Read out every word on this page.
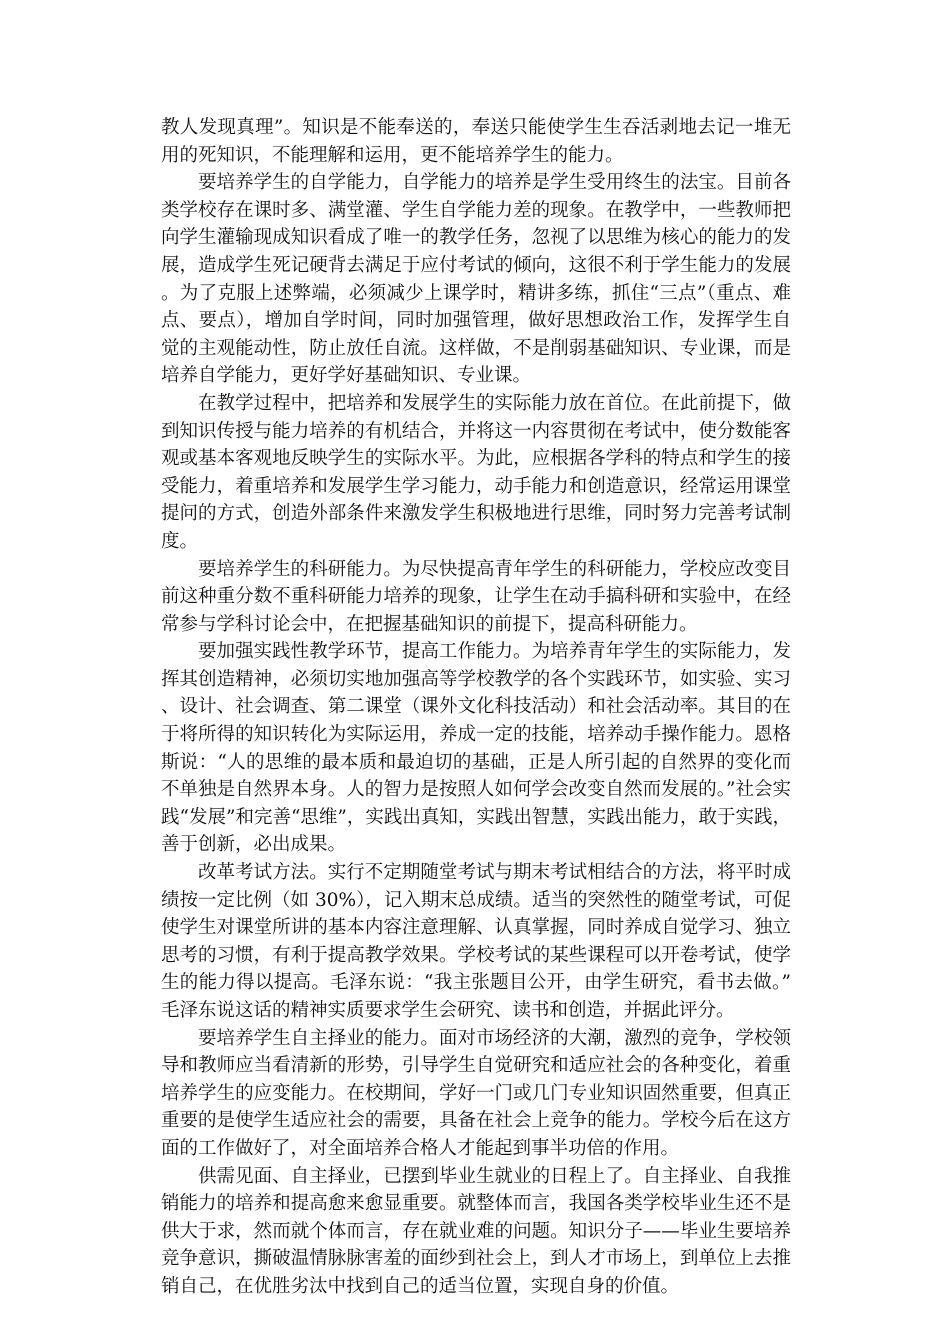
教人发现真理”。知识是不能奉送的，奉送只能使学生生吞活剥地去记一堆无用的死知识，不能理解和运用，更不能培养学生的能力。

要培养学生的自学能力，自学能力的培养是学生受用终生的法宝。目前各类学校存在课时多、满堂灌、学生自学能力差的现象。在教学中，一些教师把向学生灌输现成知识看成了唯一的教学任务，忽视了以思维为核心的能力的发展，造成学生死记硬背去满足于应付考试的倾向，这很不利于学生能力的发展。为了克服上述弊端，必须减少上课学时，精讲多练，抓住“三点”（重点、难点、要点），增加自学时间，同时加强管理，做好思想政治工作，发挥学生自觉的主观能动性，防止放任自流。这样做，不是削弱基础知识、专业课，而是培养自学能力，更好学好基础知识、专业课。

在教学过程中，把培养和发展学生的实际能力放在首位。在此前提下，做到知识传授与能力培养的有机结合，并将这一内容贯彻在考试中，使分数能客观或基本客观地反映学生的实际水平。为此，应根据各学科的特点和学生的接受能力，着重培养和发展学生学习能力，动手能力和创造意识，经常运用课堂提问的方式，创造外部条件来激发学生积极地进行思维，同时努力完善考试制度。

要培养学生的科研能力。为尽快提高青年学生的科研能力，学校应改变目前这种重分数不重科研能力培养的现象，让学生在动手搞科研和实验中，在经常参与学科讨论会中，在把握基础知识的前提下，提高科研能力。

要加强实践性教学环节，提高工作能力。为培养青年学生的实际能力，发挥其创造精神，必须切实地加强高等学校教学的各个实践环节，如实验、实习、设计、社会调查、第二课堂（课外文化科技活动）和社会活动率。其目的在于将所得的知识转化为实际运用，养成一定的技能，培养动手操作能力。恩格斯说：“人的思维的最本质和最迫切的基础，正是人所引起的自然界的变化而不单独是自然界本身。人的智力是按照人如何学会改变自然而发展的。”社会实践“发展”和完善“思维”，实践出真知，实践出智慧，实践出能力，敢于实践，善于创新，必出成果。

改革考试方法。实行不定期随堂考试与期末考试相结合的方法，将平时成绩按一定比例（如 30%），记入期末总成绩。适当的突然性的随堂考试，可促使学生对课堂所讲的基本内容注意理解、认真掌握，同时养成自觉学习、独立思考的习惯，有利于提高教学效果。学校考试的某些课程可以开卷考试，使学生的能力得以提高。毛泽东说：“我主张题目公开，由学生研究，看书去做。”毛泽东说这话的精神实质要求学生会研究、读书和创造，并据此评分。

要培养学生自主择业的能力。面对市场经济的大潮，激烈的竞争，学校领导和教师应当看清新的形势，引导学生自觉研究和适应社会的各种变化，着重培养学生的应变能力。在校期间，学好一门或几门专业知识固然重要，但真正重要的是使学生适应社会的需要，具备在社会上竞争的能力。学校今后在这方面的工作做好了，对全面培养合格人才能起到事半功倍的作用。

供需见面、自主择业，已摆到毕业生就业的日程上了。自主择业、自我推销能力的培养和提高愈来愈显重要。就整体而言，我国各类学校毕业生还不是供大于求，然而就个体而言，存在就业难的问题。知识分子——毕业生要培养竞争意识，撕破温情脉脉害羞的面纱到社会上，到人才市场上，到单位上去推销自己，在优胜劣汰中找到自己的适当位置，实现自身的价值。
